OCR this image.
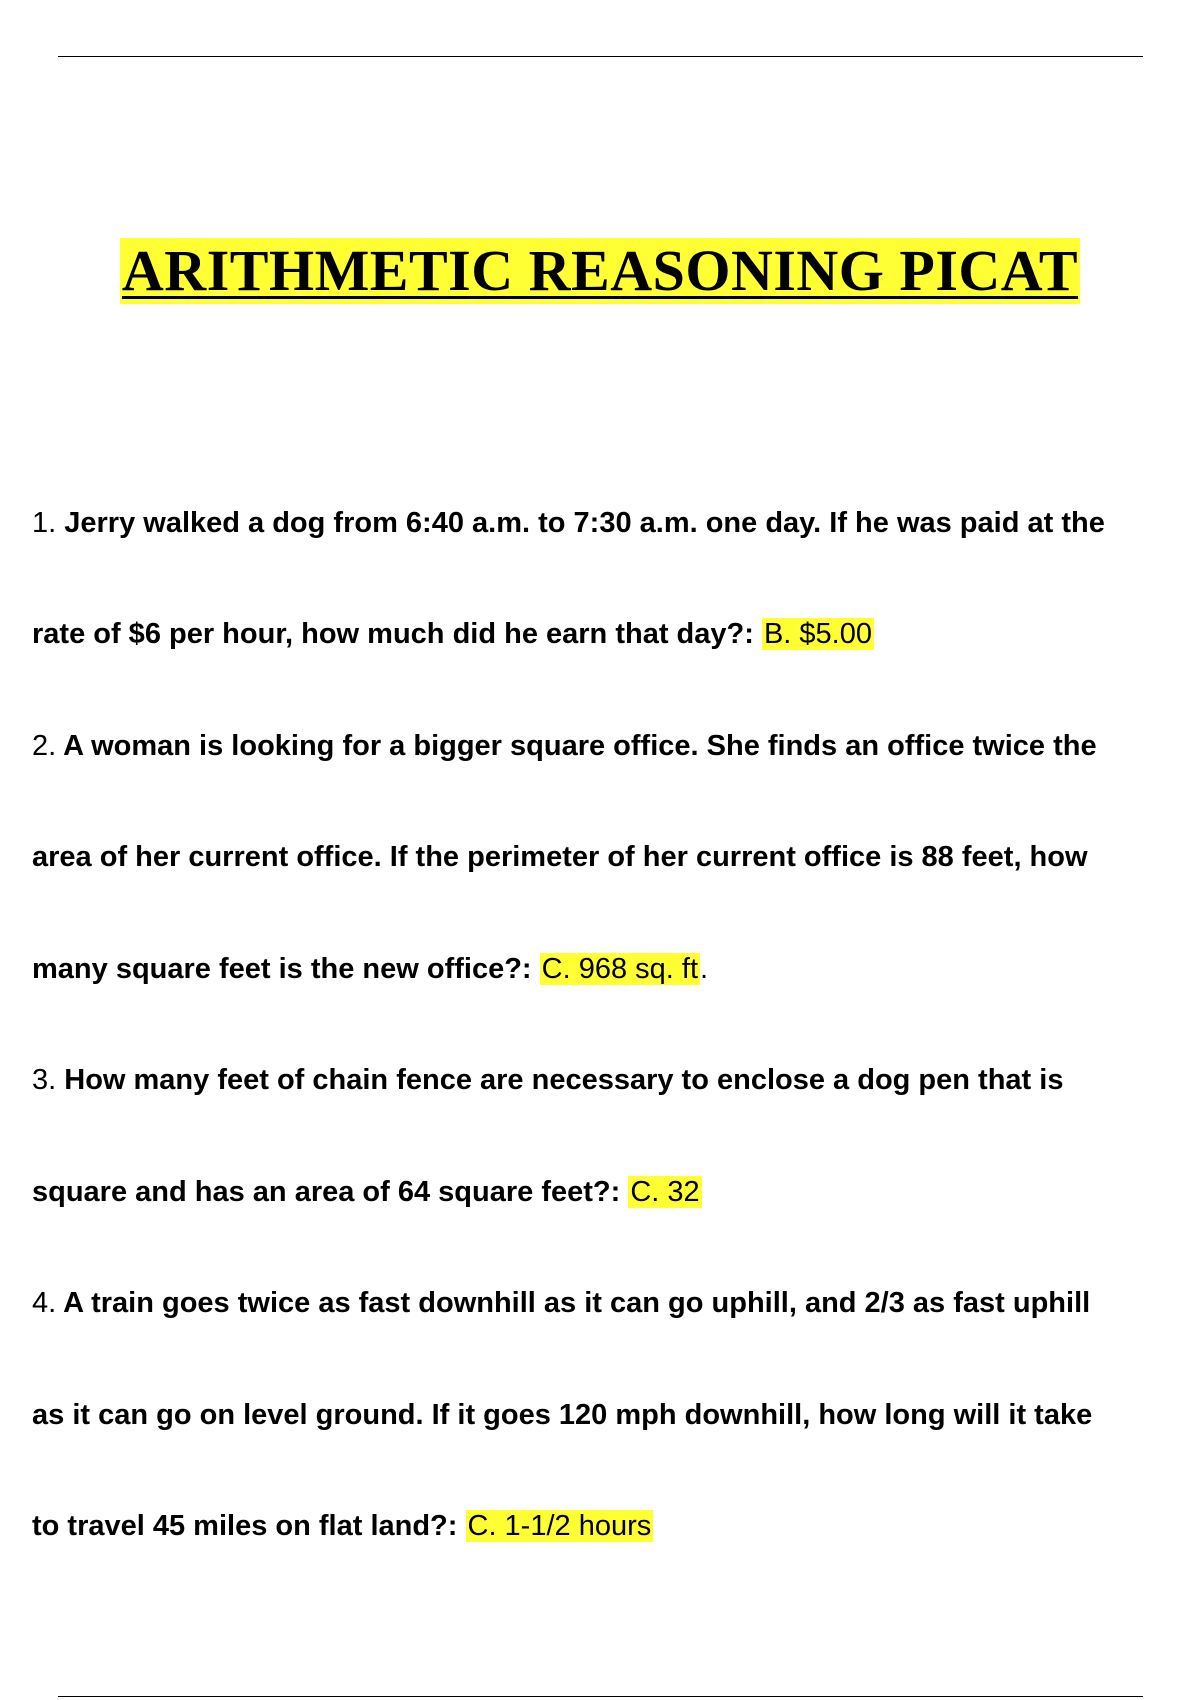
ARITHMETIC REASONING PICAT
1. Jerry walked a dog from 6:40 a.m. to 7:30 a.m. one day. If he was paid at the
rate of $6 per hour, how much did he earn that day?: B. $5.00
2. A woman is looking for a bigger square office. She finds an office twice the
area of her current office. If the perimeter of her current office is 88 feet, how
many square feet is the new office?: C. 968 sq. ft.
3. How many feet of chain fence are necessary to enclose a dog pen that is
square and has an area of 64 square feet?: C. 32
4. A train goes twice as fast downhill as it can go uphill, and 2/3 as fast uphill
as it can go on level ground. If it goes 120 mph downhill, how long will it take
to travel 45 miles on flat land?: C. 1-1/2 hours
